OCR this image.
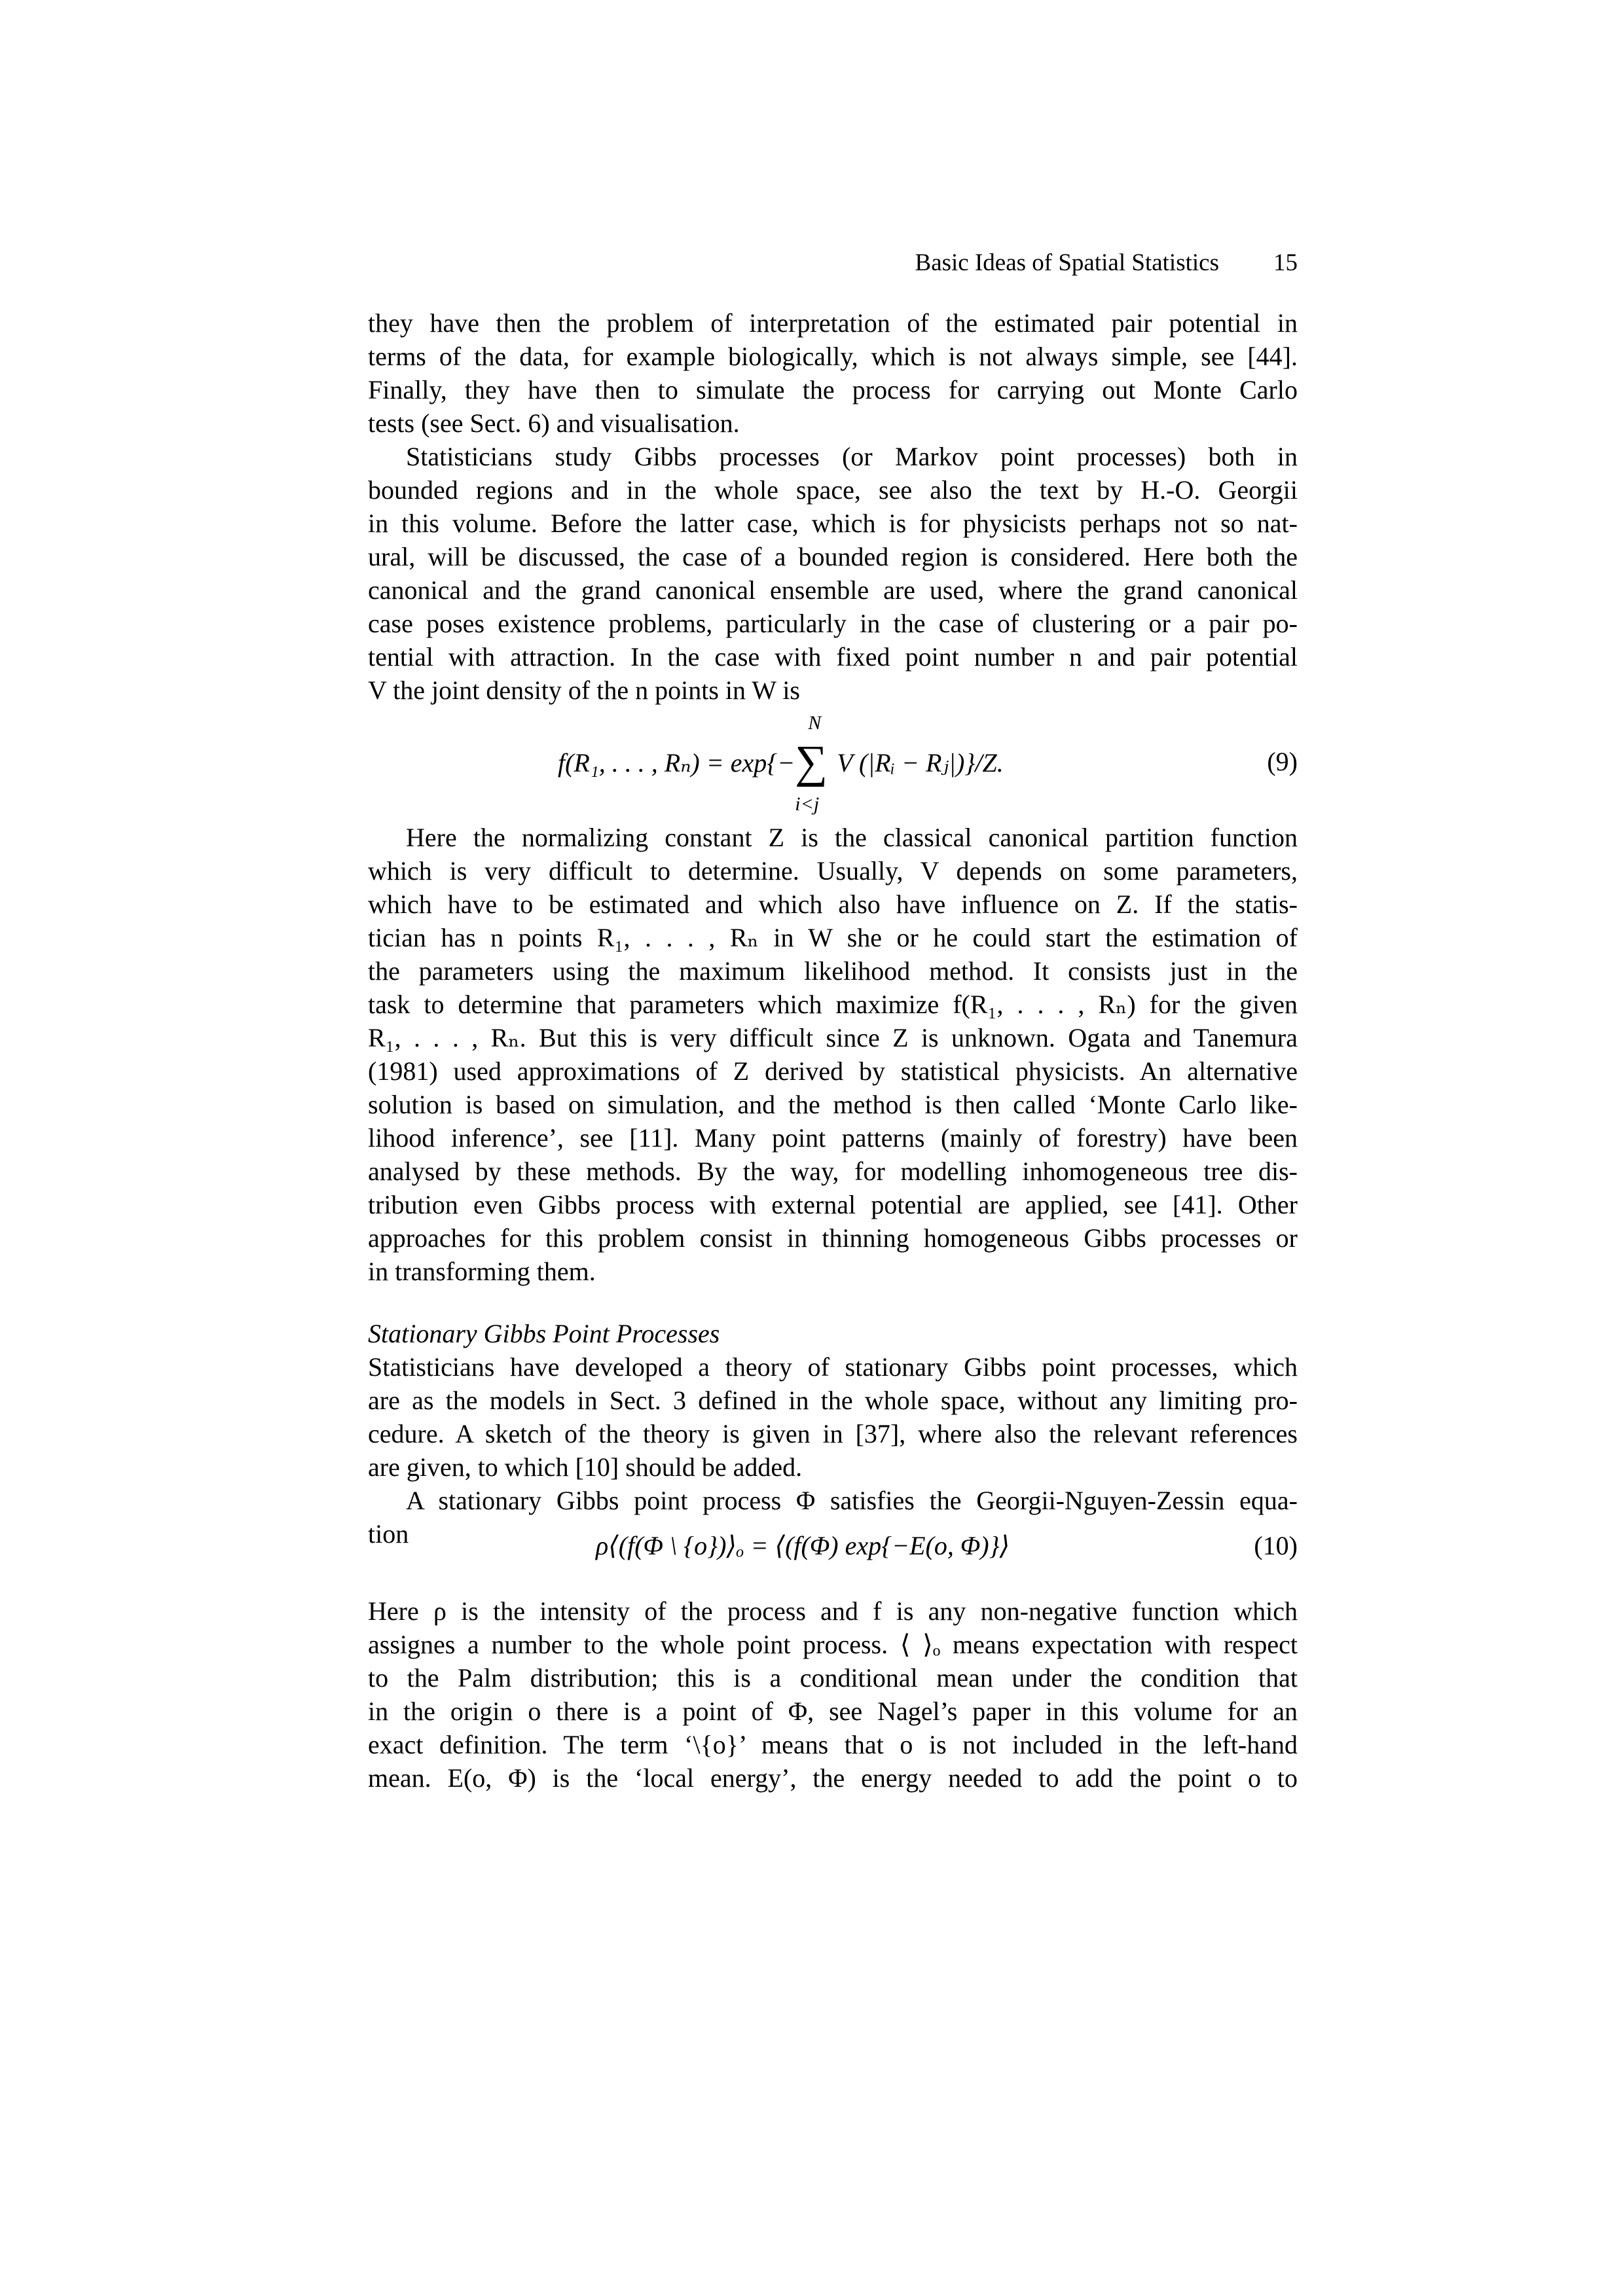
Basic Ideas of Spatial Statistics 15
they have then the problem of interpretation of the estimated pair potential in
terms of the data, for example biologically, which is not always simple, see [44].
Finally, they have then to simulate the process for carrying out Monte Carlo
tests (see Sect. 6) and visualisation.
Statisticians study Gibbs processes (or Markov point processes) both in
bounded regions and in the whole space, see also the text by H.-O. Georgii
in this volume. Before the latter case, which is for physicists perhaps not so nat-
ural, will be discussed, the case of a bounded region is considered. Here both the
canonical and the grand canonical ensemble are used, where the grand canonical
case poses existence problems, particularly in the case of clustering or a pair po-
tential with attraction. In the case with fixed point number n and pair potential
V the joint density of the n points in W is
f(R₁, . . . , Rₙ) = exp{−
N
∑
i<j
V (|Rᵢ − Rⱼ|)}/Z.	(9)
Here the normalizing constant Z is the classical canonical partition function
which is very difficult to determine. Usually, V depends on some parameters,
which have to be estimated and which also have influence on Z. If the statis-
tician has n points R₁, . . . , Rₙ in W she or he could start the estimation of
the parameters using the maximum likelihood method. It consists just in the
task to determine that parameters which maximize f(R₁, . . . , Rₙ) for the given
R₁, . . . , Rₙ. But this is very difficult since Z is unknown. Ogata and Tanemura
(1981) used approximations of Z derived by statistical physicists. An alternative
solution is based on simulation, and the method is then called ‘Monte Carlo like-
lihood inference’, see [11]. Many point patterns (mainly of forestry) have been
analysed by these methods. By the way, for modelling inhomogeneous tree dis-
tribution even Gibbs process with external potential are applied, see [41]. Other
approaches for this problem consist in thinning homogeneous Gibbs processes or
in transforming them.
Stationary Gibbs Point Processes
Statisticians have developed a theory of stationary Gibbs point processes, which
are as the models in Sect. 3 defined in the whole space, without any limiting pro-
cedure. A sketch of the theory is given in [37], where also the relevant references
are given, to which [10] should be added.
A stationary Gibbs point process Φ satisfies the Georgii-Nguyen-Zessin equa-
tion	ρ⟨(f(Φ \ {o})⟩ₒ = ⟨(f(Φ) exp{−E(o, Φ)}⟩	(10)
Here ρ is the intensity of the process and f is any non-negative function which
assignes a number to the whole point process. ⟨ ⟩ₒ means expectation with respect
to the Palm distribution; this is a conditional mean under the condition that
in the origin o there is a point of Φ, see Nagel’s paper in this volume for an
exact definition. The term ‘\{o}’ means that o is not included in the left-hand
mean. E(o, Φ) is the ‘local energy’, the energy needed to add the point o to
